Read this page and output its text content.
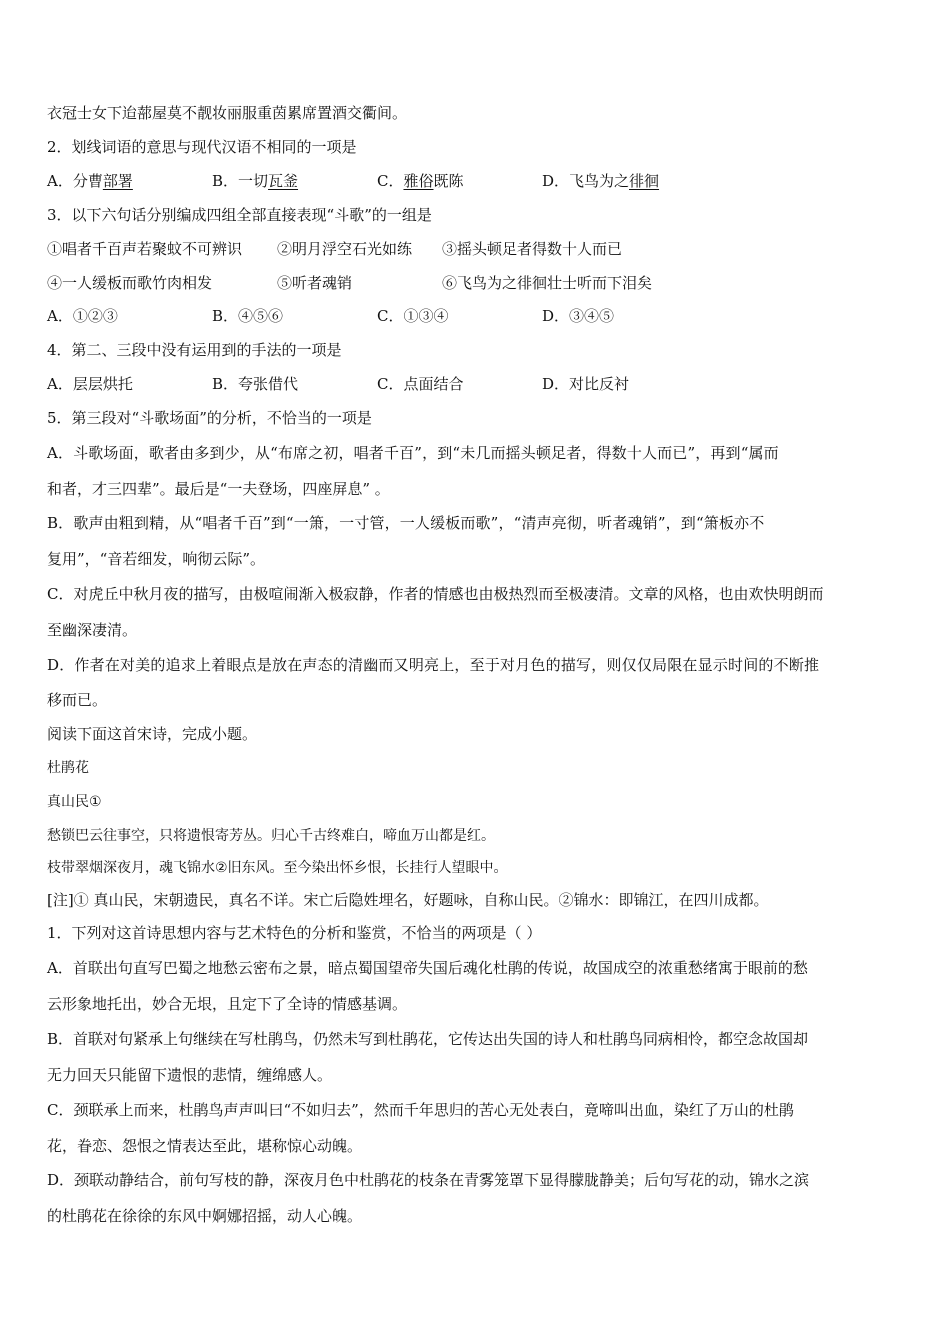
衣冠士女下迨蔀屋莫不靓妆丽服重茵累席置酒交衢间。
2．划线词语的意思与现代汉语不相同的一项是
A．分曹部署	B．一切瓦釜	C．雅俗既陈	D．飞鸟为之徘徊
3．以下六句话分别编成四组全部直接表现“斗歌”的一组是
①唱者千百声若聚蚊不可辨识 ②明月浮空石光如练 ③摇头顿足者得数十人而已
④一人缓板而歌竹肉相发	⑤听者魂销	⑥飞鸟为之徘徊壮士听而下泪矣
A．①②③	B．④⑤⑥	C．①③④	D．③④⑤
4．第二、三段中没有运用到的手法的一项是
A．层层烘托	B．夸张借代	C．点面结合	D．对比反衬
5．第三段对“斗歌场面”的分析，不恰当的一项是
A．斗歌场面，歌者由多到少，从“布席之初，唱者千百”，到“未几而摇头顿足者，得数十人而已”，再到“属而
和者，才三四辈”。最后是“一夫登场，四座屏息” 。
B．歌声由粗到精，从“唱者千百”到“一箫，一寸管，一人缓板而歌”，“清声亮彻，听者魂销”，到“箫板亦不
复用”，“音若细发，响彻云际”。
C．对虎丘中秋月夜的描写，由极喧闹渐入极寂静，作者的情感也由极热烈而至极凄清。文章的风格，也由欢快明朗而
至幽深凄清。
D．作者在对美的追求上着眼点是放在声态的清幽而又明亮上，至于对月色的描写，则仅仅局限在显示时间的不断推
移而已。
阅读下面这首宋诗，完成小题。
杜鹃花
真山民①
愁锁巴云往事空，只将遗恨寄芳丛。归心千古终难白，啼血万山都是红。
枝带翠烟深夜月，魂飞锦水②旧东风。至今染出怀乡恨，长挂行人望眼中。
[注]① 真山民，宋朝遗民，真名不详。宋亡后隐姓埋名，好题咏，自称山民。②锦水：即锦江，在四川成都。
1．下列对这首诗思想内容与艺术特色的分析和鉴赏，不恰当的两项是（ ）
A．首联出句直写巴蜀之地愁云密布之景，暗点蜀国望帝失国后魂化杜鹃的传说，故国成空的浓重愁绪寓于眼前的愁
云形象地托出，妙合无垠，且定下了全诗的情感基调。
B．首联对句紧承上句继续在写杜鹃鸟，仍然未写到杜鹃花，它传达出失国的诗人和杜鹃鸟同病相怜，都空念故国却
无力回天只能留下遗恨的悲情，缠绵感人。
C．颈联承上而来，杜鹃鸟声声叫曰“不如归去”，然而千年思归的苦心无处表白，竟啼叫出血，染红了万山的杜鹃
花，眷恋、怨恨之情表达至此，堪称惊心动魄。
D．颈联动静结合，前句写枝的静，深夜月色中杜鹃花的枝条在青雾笼罩下显得朦胧静美；后句写花的动，锦水之滨
的杜鹃花在徐徐的东风中婀娜招摇，动人心魄。
